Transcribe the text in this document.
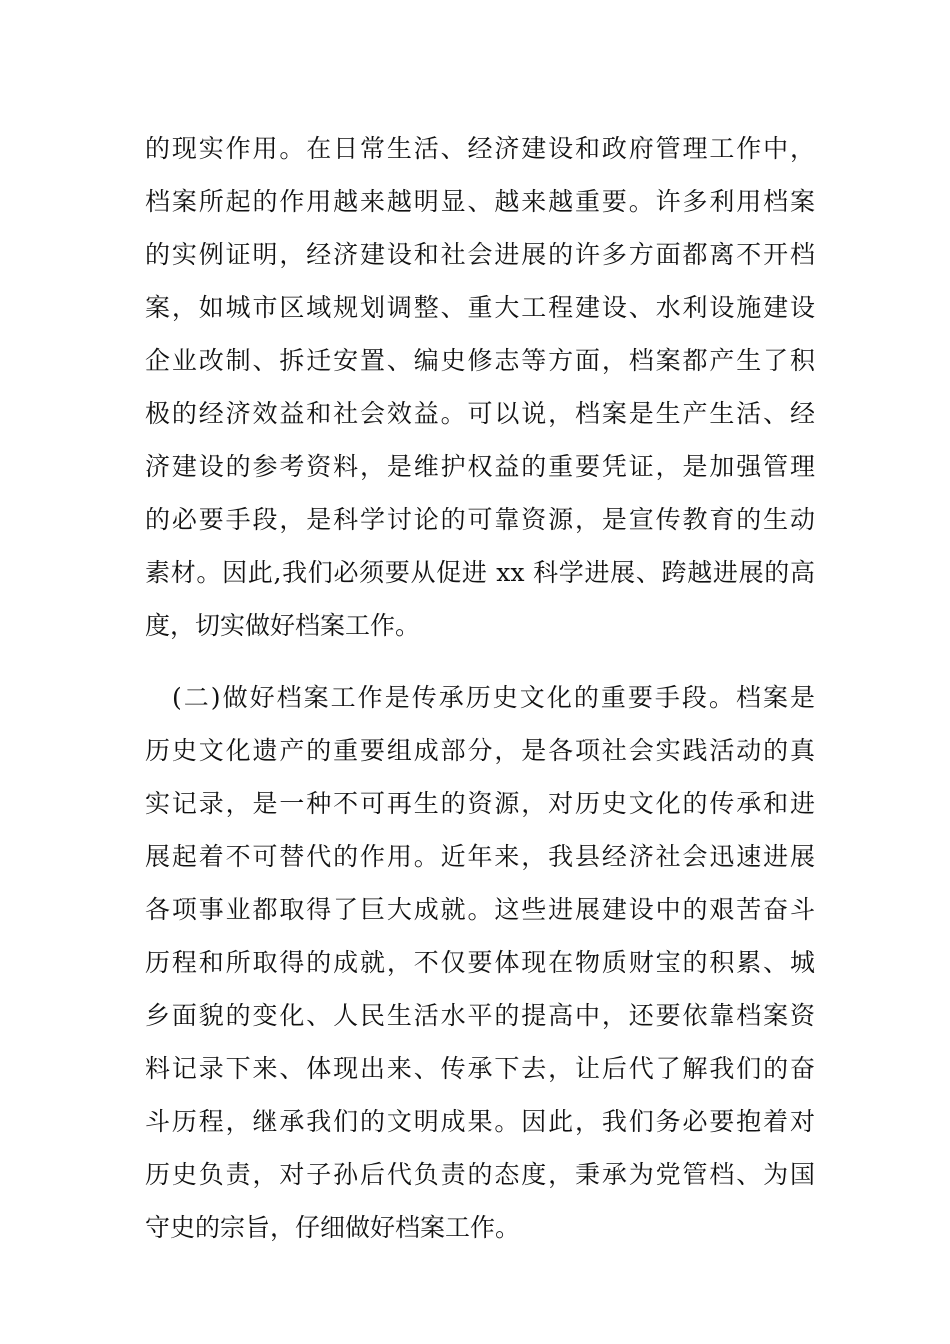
的现实作用。在日常生活、经济建设和政府管理工作中，
档案所起的作用越来越明显、越来越重要。许多利用档案
的实例证明，经济建设和社会进展的许多方面都离不开档
案，如城市区域规划调整、重大工程建设、水利设施建设
企业改制、拆迁安置、编史修志等方面，档案都产生了积
极的经济效益和社会效益。可以说，档案是生产生活、经
济建设的参考资料，是维护权益的重要凭证，是加强管理
的必要手段，是科学讨论的可靠资源，是宣传教育的生动
素材。因此,我们必须要从促进 xx 科学进展、跨越进展的高
度，切实做好档案工作。
　(二)做好档案工作是传承历史文化的重要手段。档案是
历史文化遗产的重要组成部分，是各项社会实践活动的真
实记录，是一种不可再生的资源，对历史文化的传承和进
展起着不可替代的作用。近年来，我县经济社会迅速进展
各项事业都取得了巨大成就。这些进展建设中的艰苦奋斗
历程和所取得的成就，不仅要体现在物质财宝的积累、城
乡面貌的变化、人民生活水平的提高中，还要依靠档案资
料记录下来、体现出来、传承下去，让后代了解我们的奋
斗历程，继承我们的文明成果。因此，我们务必要抱着对
历史负责，对子孙后代负责的态度，秉承为党管档、为国
守史的宗旨，仔细做好档案工作。
